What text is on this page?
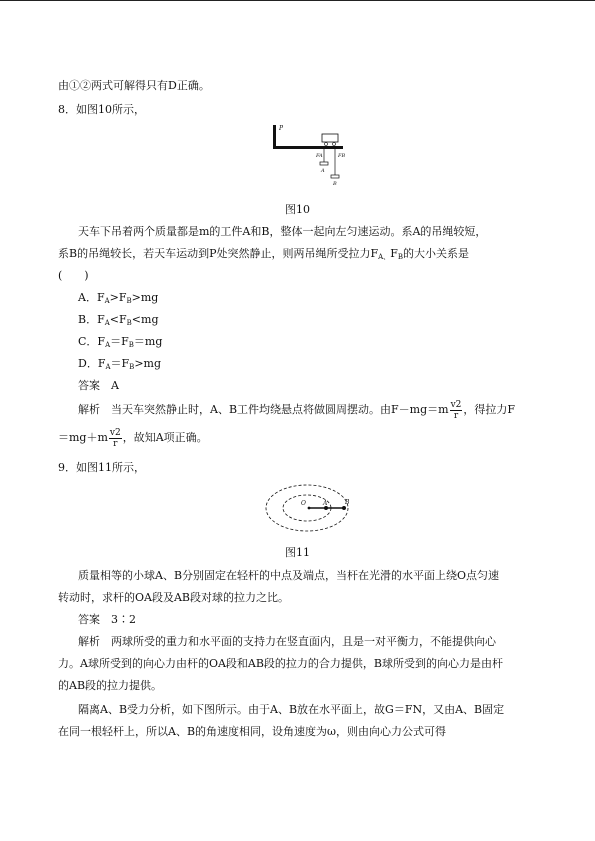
由①②两式可解得只有D正确。
8．如图10所示，
P
FA	FB
A
B
图10
天车下吊着两个质量都是m的工件A和B，整体一起向左匀速运动。系A的吊绳较短，
系B的吊绳较长，若天车运动到P处突然静止，则两吊绳所受拉力$F_{A、}F_B$的大小关系是
(　　)
A．$F_A>F_B>mg$
B．$F_A<F_B<mg$
C．$F_A=F_B=mg$
D．$F_A=F_B>mg$
答案　 A
解析　 当天车突然静止时，A、B工件均绕悬点将做圆周摆动。由$F-mg=m \frac{v2}{r}$ ，得拉力F
$=mg+m \frac{v2}{r}$ ，故知A项正确。
9．如图11所示，
O	A	B
图11
质量相等的小球A、B分别固定在轻杆的中点及端点，当杆在光滑的水平面上绕O点匀速
转动时，求杆的OA段及AB段对球的拉力之比。
答案　 3∶2
解析　 两球所受的重力和水平面的支持力在竖直面内，且是一对平衡力，不能提供向心
力。A球所受到的向心力由杆的OA段和AB段的拉力的合力提供，B球所受到的向心力是由杆
的AB段的拉力提供。
隔离A、B受力分析，如下图所示。由于A、B放在水平面上，故G＝FN，又由A、B固定
在同一根轻杆上，所以A、B的角速度相同，设角速度为ω，则由向心力公式可得
